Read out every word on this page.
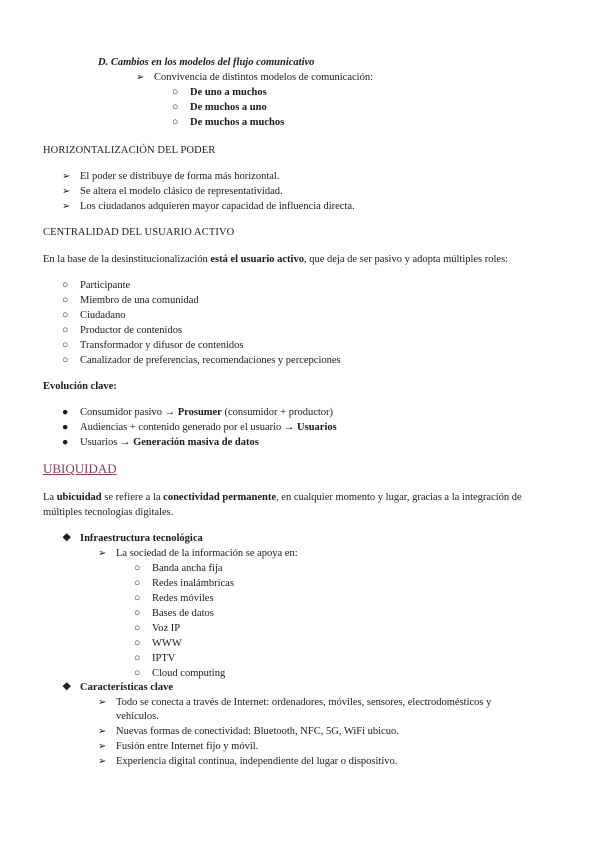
D. Cambios en los modelos del flujo comunicativo
➢ Convivencia de distintos modelos de comunicación:
○ De uno a muchos
○ De muchos a uno
○ De muchos a muchos
HORIZONTALIZACIÓN DEL PODER
➢ El poder se distribuye de forma más horizontal.
➢ Se altera el modelo clásico de representatividad.
➢ Los ciudadanos adquieren mayor capacidad de influencia directa.
CENTRALIDAD DEL USUARIO ACTIVO
En la base de la desinstitucionalización está el usuario activo, que deja de ser pasivo y adopta múltiples roles:
○ Participante
○ Miembro de una comunidad
○ Ciudadano
○ Productor de contenidos
○ Transformador y difusor de contenidos
○ Canalizador de preferencias, recomendaciones y percepciones
Evolución clave:
● Consumidor pasivo → Prosumer (consumidor + productor)
● Audiencias + contenido generado por el usuario → Usuarios
● Usuarios → Generación masiva de datos
UBIQUIDAD
La ubicuidad se refiere a la conectividad permanente, en cualquier momento y lugar, gracias a la integración de
múltiples tecnologías digitales.
❖ Infraestructura tecnológica
➢ La sociedad de la información se apoya en:
○ Banda ancha fija
○ Redes inalámbricas
○ Redes móviles
○ Bases de datos
○ Voz IP
○ WWW
○ IPTV
○ Cloud computing
❖ Características clave
➢ Todo se conecta a través de Internet: ordenadores, móviles, sensores, electrodomésticos y
vehículos.
➢ Nuevas formas de conectividad: Bluetooth, NFC, 5G, WiFi ubicuo.
➢ Fusión entre Internet fijo y móvil.
➢ Experiencia digital continua, independiente del lugar o dispositivo.
